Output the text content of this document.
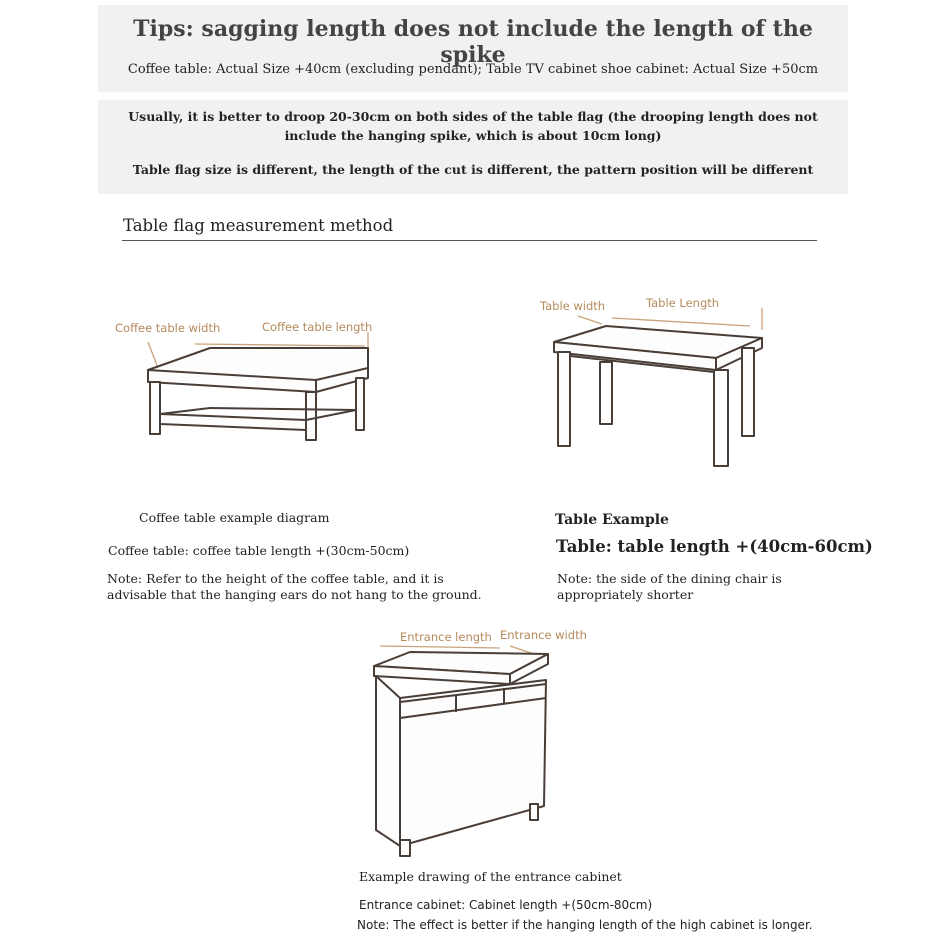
Tips: sagging length does not include the length of the spike
Coffee table: Actual Size +40cm (excluding pendant); Table TV cabinet shoe cabinet: Actual Size +50cm
Usually, it is better to droop 20-30cm on both sides of the table flag (the drooping length does not include the hanging spike, which is about 10cm long)
Table flag size is different, the length of the cut is different, the pattern position will be different
Table flag measurement method
Coffee table width	Coffee table length
Table width	Table Length
Coffee table example diagram
Coffee table: coffee table length +(30cm-50cm)
Note: Refer to the height of the coffee table, and it is advisable that the hanging ears do not hang to the ground.
Table Example
Table: table length +(40cm-60cm)
Note: the side of the dining chair is appropriately shorter
Entrance length Entrance width
Example drawing of the entrance cabinet
Entrance cabinet: Cabinet length +(50cm-80cm)
Note: The effect is better if the hanging length of the high cabinet is longer.
